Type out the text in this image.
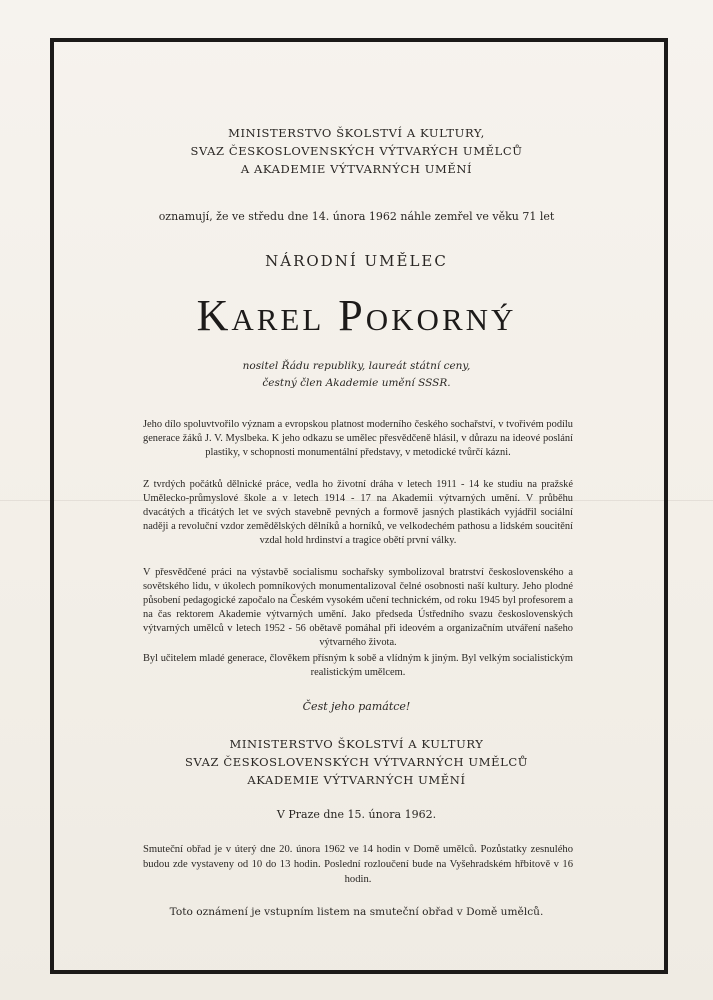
MINISTERSTVO ŠKOLSTVÍ A KULTURY,
SVAZ ČESKOSLOVENSKÝCH VÝTVARÝCH UMĚLCŮ
A AKADEMIE VÝTVARNÝCH UMĚNÍ
oznamují, že ve středu dne 14. února 1962 náhle zemřel ve věku 71 let
NÁRODNÍ UMĚLEC
Karel Pokorný
nositel Řádu republiky, laureát státní ceny,
čestný člen Akademie umění SSSR.

Jeho dílo spoluvtvořilo význam a evropskou platnost moderního českého sochařství, v tvořivém podílu generace žáků J. V. Myslbeka. K jeho odkazu se umělec přesvědčeně hlásil, v důrazu na ideové poslání plastiky, v schopnosti monumentální představy, v metodické tvůrčí kázni.

Z tvrdých počátků dělnické práce, vedla ho životní dráha v letech 1911 - 14 ke studiu na pražské Umělecko-průmyslové škole a v letech 1914 - 17 na Akademii výtvarných umění. V průběhu dvacátých a třicátých let ve svých stavebně pevných a formově jasných plastikách vyjádřil sociální naději a revoluční vzdor zemědělských dělníků a horníků, ve velkodechém pathosu a lidském soucitění vzdal hold hrdinství a tragice obětí první války.

V přesvědčené práci na výstavbě socialismu sochařsky symbolizoval bratrství československého a sovětského lidu, v úkolech pomníkových monumentalizoval čelné osobnosti naší kultury. Jeho plodné působení pedagogické započalo na Českém vysokém učení technickém, od roku 1945 byl profesorem a na čas rektorem Akademie výtvarných umění. Jako předseda Ústředního svazu československých výtvarných umělců v letech 1952 - 56 obětavě pomáhal při ideovém a organizačním utváření našeho výtvarného života.

Byl učitelem mladé generace, člověkem přísným k sobě a vlídným k jiným. Byl velkým socialistickým realistickým umělcem.

Čest jeho památce!
MINISTERSTVO ŠKOLSTVÍ A KULTURY
SVAZ ČESKOSLOVENSKÝCH VÝTVARNÝCH UMĚLCŮ
AKADEMIE VÝTVARNÝCH UMĚNÍ
V Praze dne 15. února 1962.
Smuteční obřad je v úterý dne 20. února 1962 ve 14 hodin v Domě umělců. Pozůstatky zesnulého budou zde vystaveny od 10 do 13 hodin. Poslední rozloučení bude na Vyšehradském hřbitově v 16 hodin.
Toto oznámení je vstupním listem na smuteční obřad v Domě umělců.
